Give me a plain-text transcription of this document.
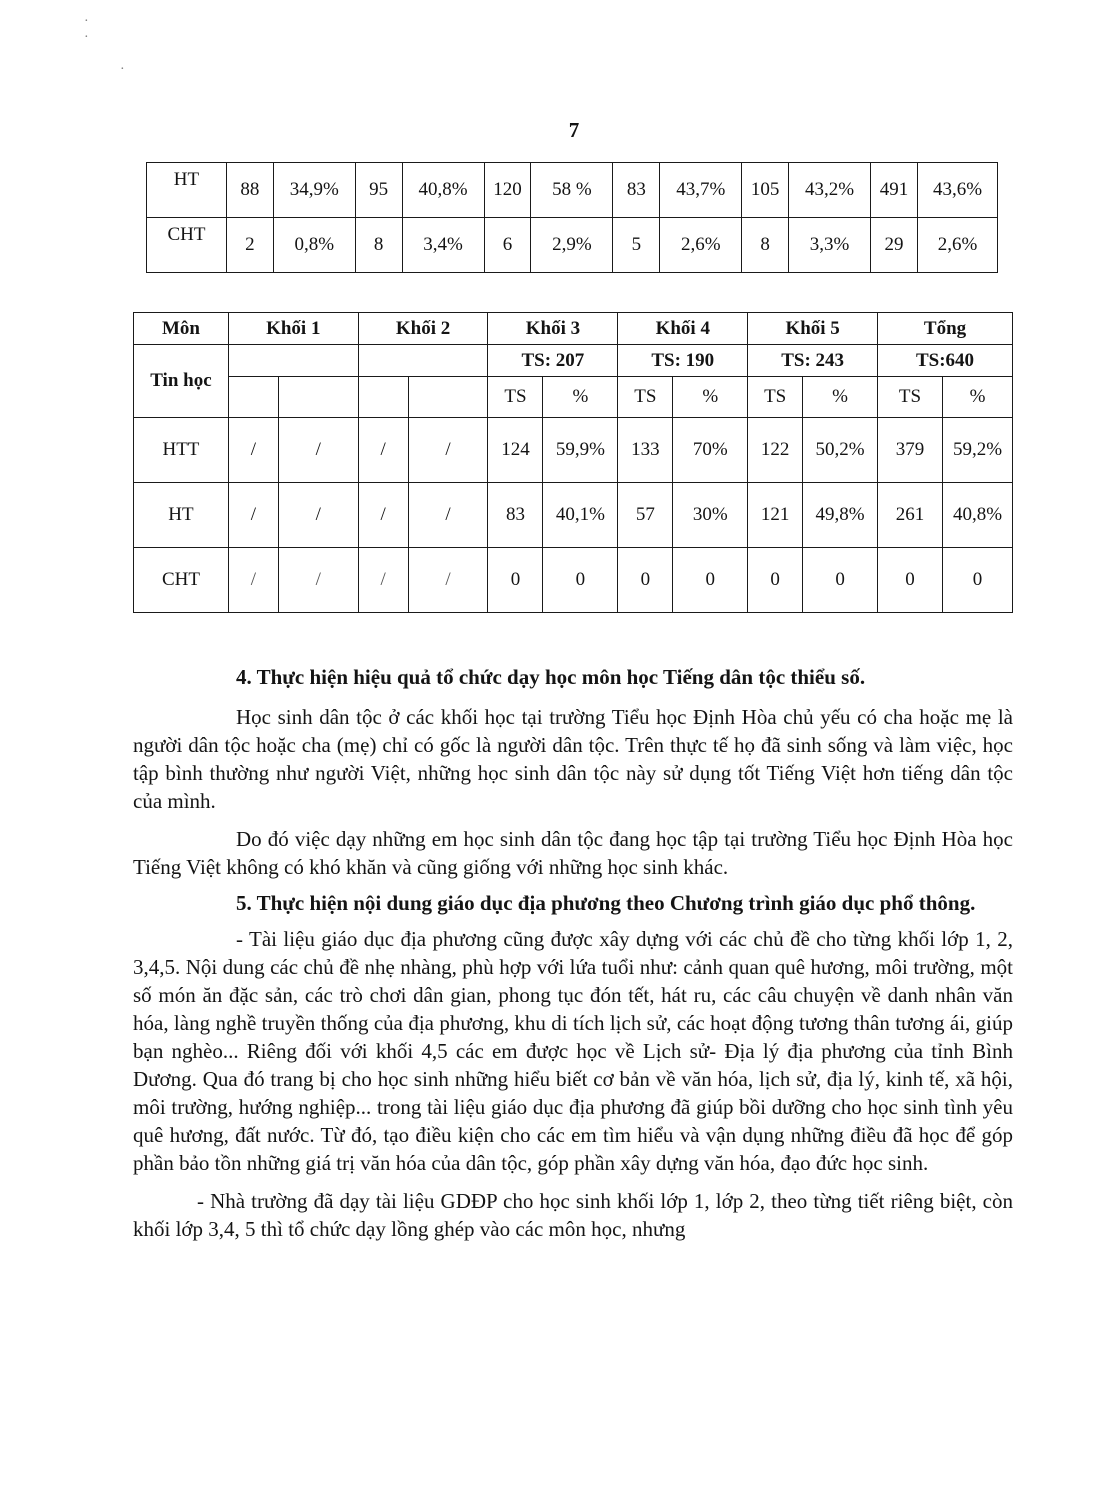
·
·
·
7
HT	88	34,9%	95	40,8%	120	58 %	83	43,7%	105	43,2%	491	43,6%
CHT	2	0,8%	8	3,4%	6	2,9%	5	2,6%	8	3,3%	29	2,6%
Môn	Khối 1		Khối 2		Khối 3		Khối 4		Khối 5		Tổng	
Tin học					TS: 207		TS: 190		TS: 243		TS:640	
					TS	%	TS	%	TS	%	TS	%
HTT	/	/	/	/	124	59,9%	133	70%	122	50,2%	379	59,2%
HT	/	/	/	/	83	40,1%	57	30%	121	49,8%	261	40,8%
CHT	/	/	/	/	0	0	0	0	0	0	0	0

4. Thực hiện hiệu quả tổ chức dạy học môn học Tiếng dân tộc thiểu số.

Học sinh dân tộc ở các khối học tại trường Tiểu học Định Hòa chủ yếu có cha hoặc mẹ là người dân tộc hoặc cha (mẹ) chỉ có gốc là người dân tộc. Trên thực tế họ đã sinh sống và làm việc, học tập bình thường như người Việt, những học sinh dân tộc này sử dụng tốt Tiếng Việt hơn tiếng dân tộc của mình.

Do đó việc dạy những em học sinh dân tộc đang học tập tại trường Tiểu học Định Hòa học Tiếng Việt không có khó khăn và cũng giống với những học sinh khác.

5. Thực hiện nội dung giáo dục địa phương theo Chương trình giáo dục phổ thông.

- Tài liệu giáo dục địa phương cũng được xây dựng với các chủ đề cho từng khối lớp 1, 2, 3,4,5. Nội dung các chủ đề nhẹ nhàng, phù hợp với lứa tuổi như: cảnh quan quê hương, môi trường, một số món ăn đặc sản, các trò chơi dân gian, phong tục đón tết, hát ru, các câu chuyện về danh nhân văn hóa, làng nghề truyền thống của địa phương, khu di tích lịch sử, các hoạt động tương thân tương ái, giúp bạn nghèo... Riêng đối với khối 4,5 các em được học về Lịch sử- Địa lý địa phương của tỉnh Bình Dương. Qua đó trang bị cho học sinh những hiểu biết cơ bản về văn hóa, lịch sử, địa lý, kinh tế, xã hội, môi trường, hướng nghiệp... trong tài liệu giáo dục địa phương đã giúp bồi dưỡng cho học sinh tình yêu quê hương, đất nước. Từ đó, tạo điều kiện cho các em tìm hiểu và vận dụng những điều đã học để góp phần bảo tồn những giá trị văn hóa của dân tộc, góp phần xây dựng văn hóa, đạo đức học sinh.

- Nhà trường đã dạy tài liệu GDĐP cho học sinh khối lớp 1, lớp 2, theo từng tiết riêng biệt, còn khối lớp 3,4, 5 thì tổ chức dạy lồng ghép vào các môn học, nhưng
